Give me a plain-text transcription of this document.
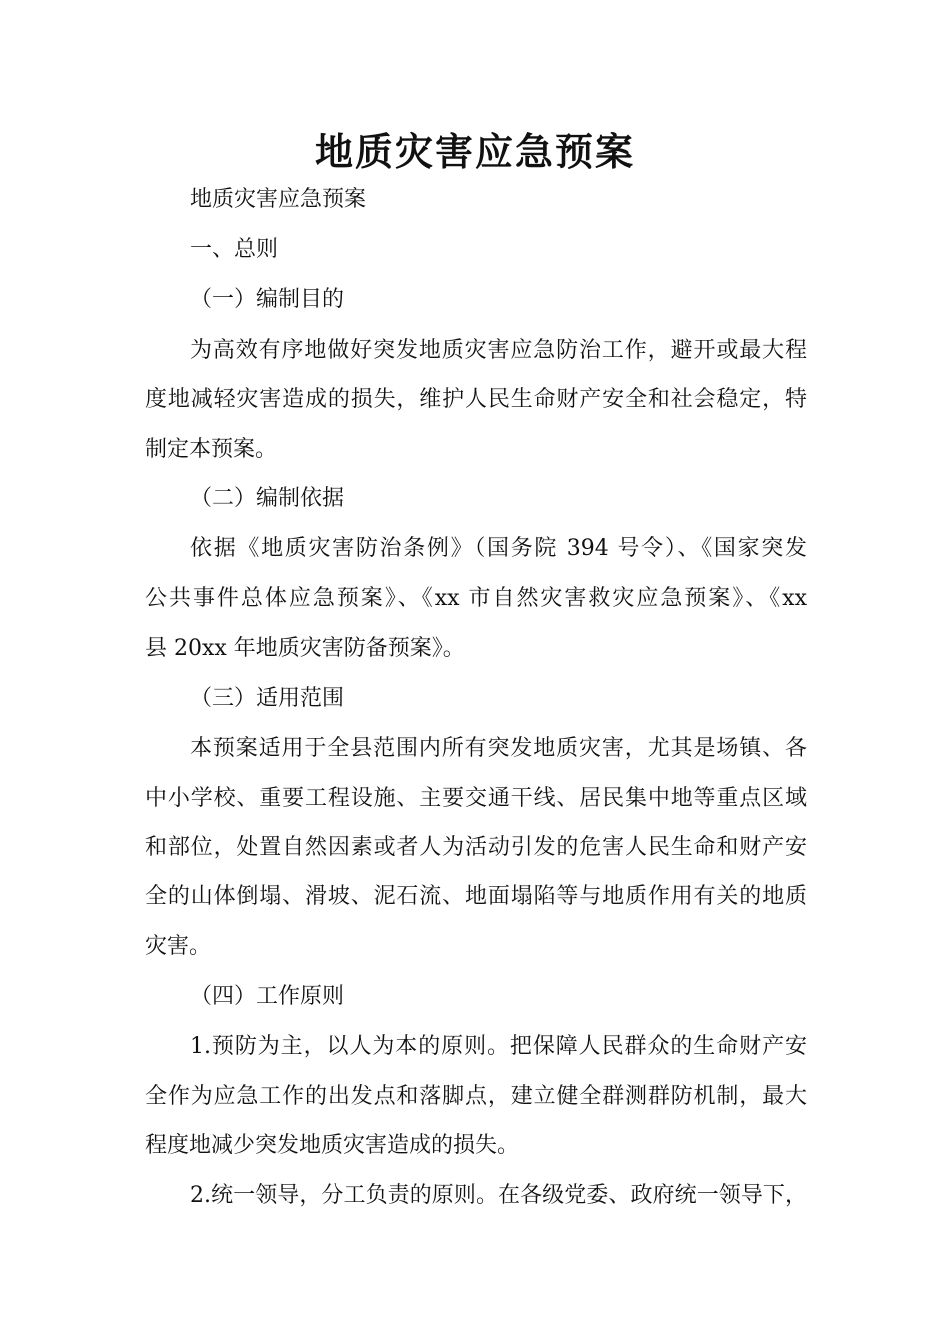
地质灾害应急预案

地质灾害应急预案

一、总则

（一）编制目的

为高效有序地做好突发地质灾害应急防治工作，避开或最大程

度地减轻灾害造成的损失，维护人民生命财产安全和社会稳定，特

制定本预案。

（二）编制依据

依据《地质灾害防治条例》（国务院 394 号令）、《国家突发

公共事件总体应急预案》、《xx 市自然灾害救灾应急预案》、《xx

县 20xx 年地质灾害防备预案》。

（三）适用范围

本预案适用于全县范围内所有突发地质灾害，尤其是场镇、各

中小学校、重要工程设施、主要交通干线、居民集中地等重点区域

和部位，处置自然因素或者人为活动引发的危害人民生命和财产安

全的山体倒塌、滑坡、泥石流、地面塌陷等与地质作用有关的地质

灾害。

（四）工作原则

1.预防为主，以人为本的原则。把保障人民群众的生命财产安

全作为应急工作的出发点和落脚点，建立健全群测群防机制，最大

程度地减少突发地质灾害造成的损失。

2.统一领导，分工负责的原则。在各级党委、政府统一领导下，
